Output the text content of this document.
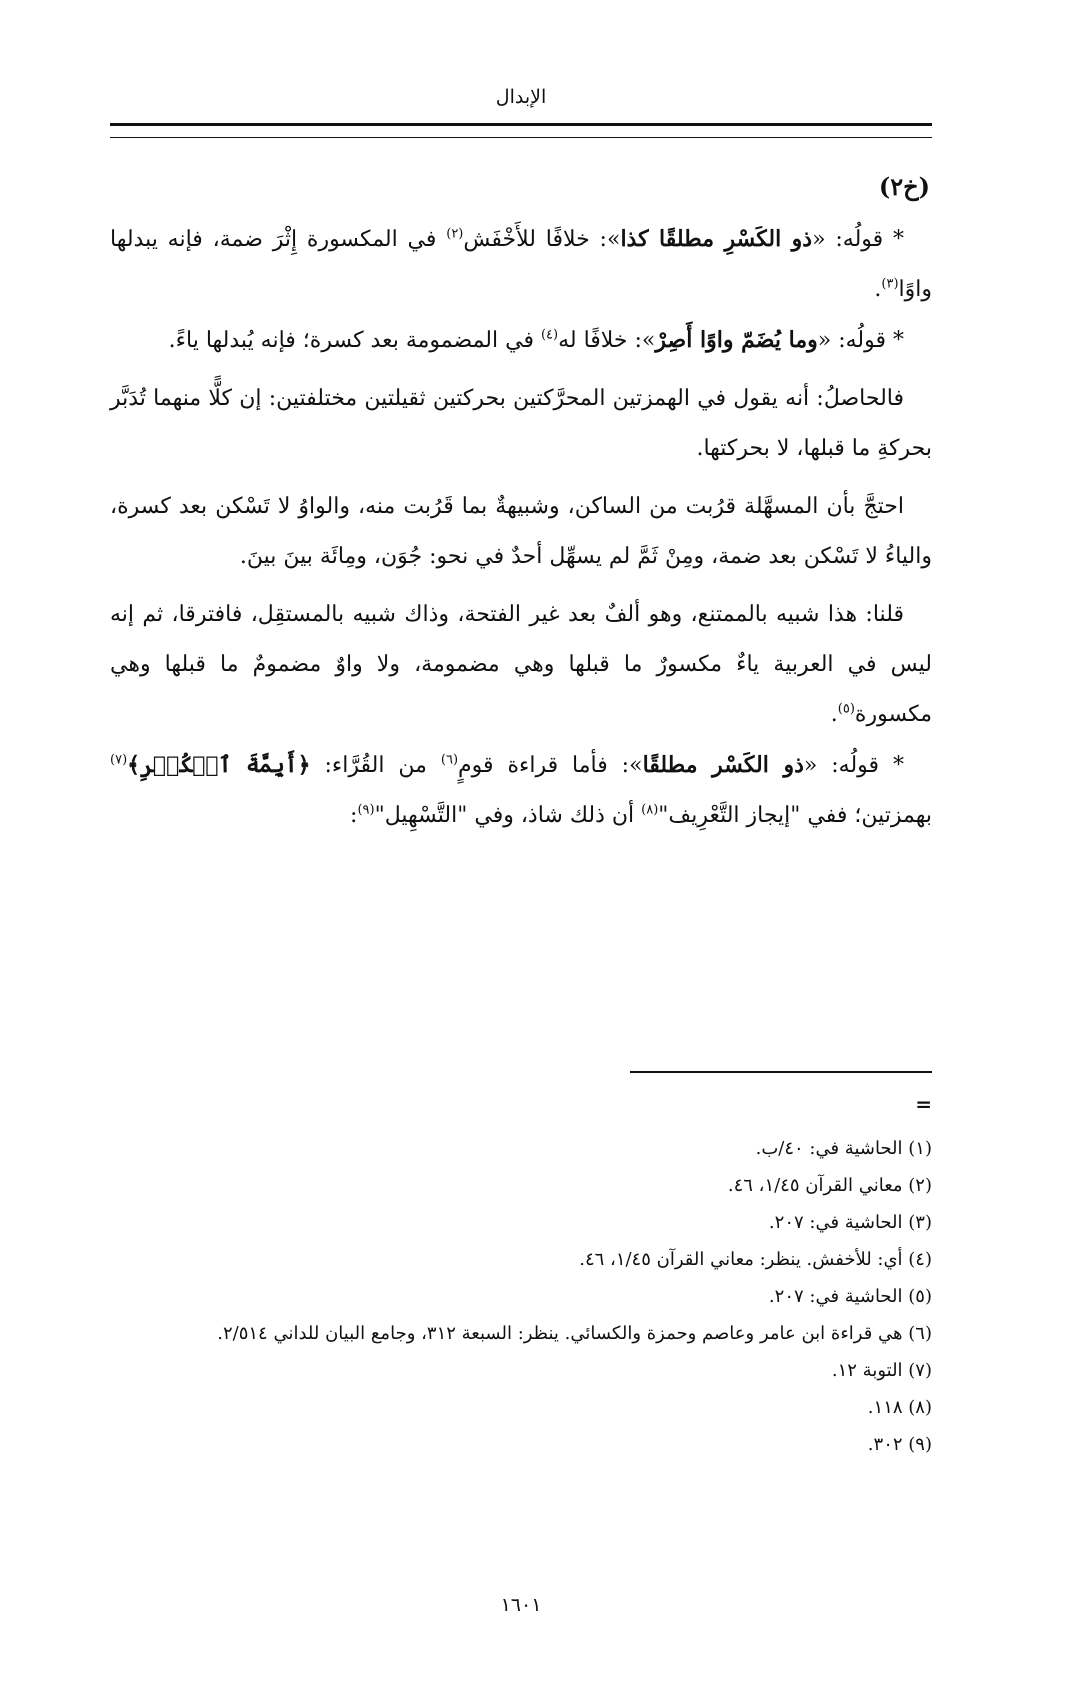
الإبدال

(خ٢)

* قولُه: «ذو الكَسْرِ مطلقًا كذا»: خلافًا للأَخْفَش$^{(٢)}$ في المكسورة إِثْرَ ضمة، فإنه يبدلها واوًا$^{(٣)}$.

* قولُه: «وما يُضَمّ واوًا أَصِرْ»: خلافًا له$^{(٤)}$ في المضمومة بعد كسرة؛ فإنه يُبدلها ياءً.

فالحاصلُ: أنه يقول في الهمزتين المحرَّكتين بحركتين ثقيلتين مختلفتين: إن كلًّا منهما تُدَبَّر بحركةِ ما قبلها، لا بحركتها.

احتجَّ بأن المسهَّلة قرُبت من الساكن، وشبيهةٌ بما قَرُبت منه، والواوُ لا تَسْكن بعد كسرة، والياءُ لا تَسْكن بعد ضمة، ومِنْ ثَمَّ لم يسهِّل أحدٌ في نحو: جُوَن، ومِائَة بينَ بينَ.

قلنا: هذا شبيه بالممتنع، وهو ألفٌ بعد غير الفتحة، وذاك شبيه بالمستقِل، فافترقا، ثم إنه ليس في العربية ياءٌ مكسورٌ ما قبلها وهي مضمومة، ولا واوٌ مضمومٌ ما قبلها وهي مكسورة$^{(٥)}$.

* قولُه: «ذو الكَسْر مطلقًا»: فأما قراءة قومٍ$^{(٦)}$ من القُرَّاء: ﴿أَيِمَّةَ ٱلۡكُفۡرِ﴾$^{(٧)}$ بهمزتين؛ ففي "إيجاز التَّعْرِيف"$^{(٨)}$ أن ذلك شاذ، وفي "التَّسْهِيل"$^{(٩)}$:

=

(١) الحاشية في: ٤٠/ب.

(٢) معاني القرآن ١/٤٥، ٤٦.

(٣) الحاشية في: ٢٠٧.

(٤) أي: للأخفش. ينظر: معاني القرآن ١/٤٥، ٤٦.

(٥) الحاشية في: ٢٠٧.

(٦) هي قراءة ابن عامر وعاصم وحمزة والكسائي. ينظر: السبعة ٣١٢، وجامع البيان للداني ٢/٥١٤.

(٧) التوبة ١٢.

(٨) ١١٨.

(٩) ٣٠٢.

١٦٠١
